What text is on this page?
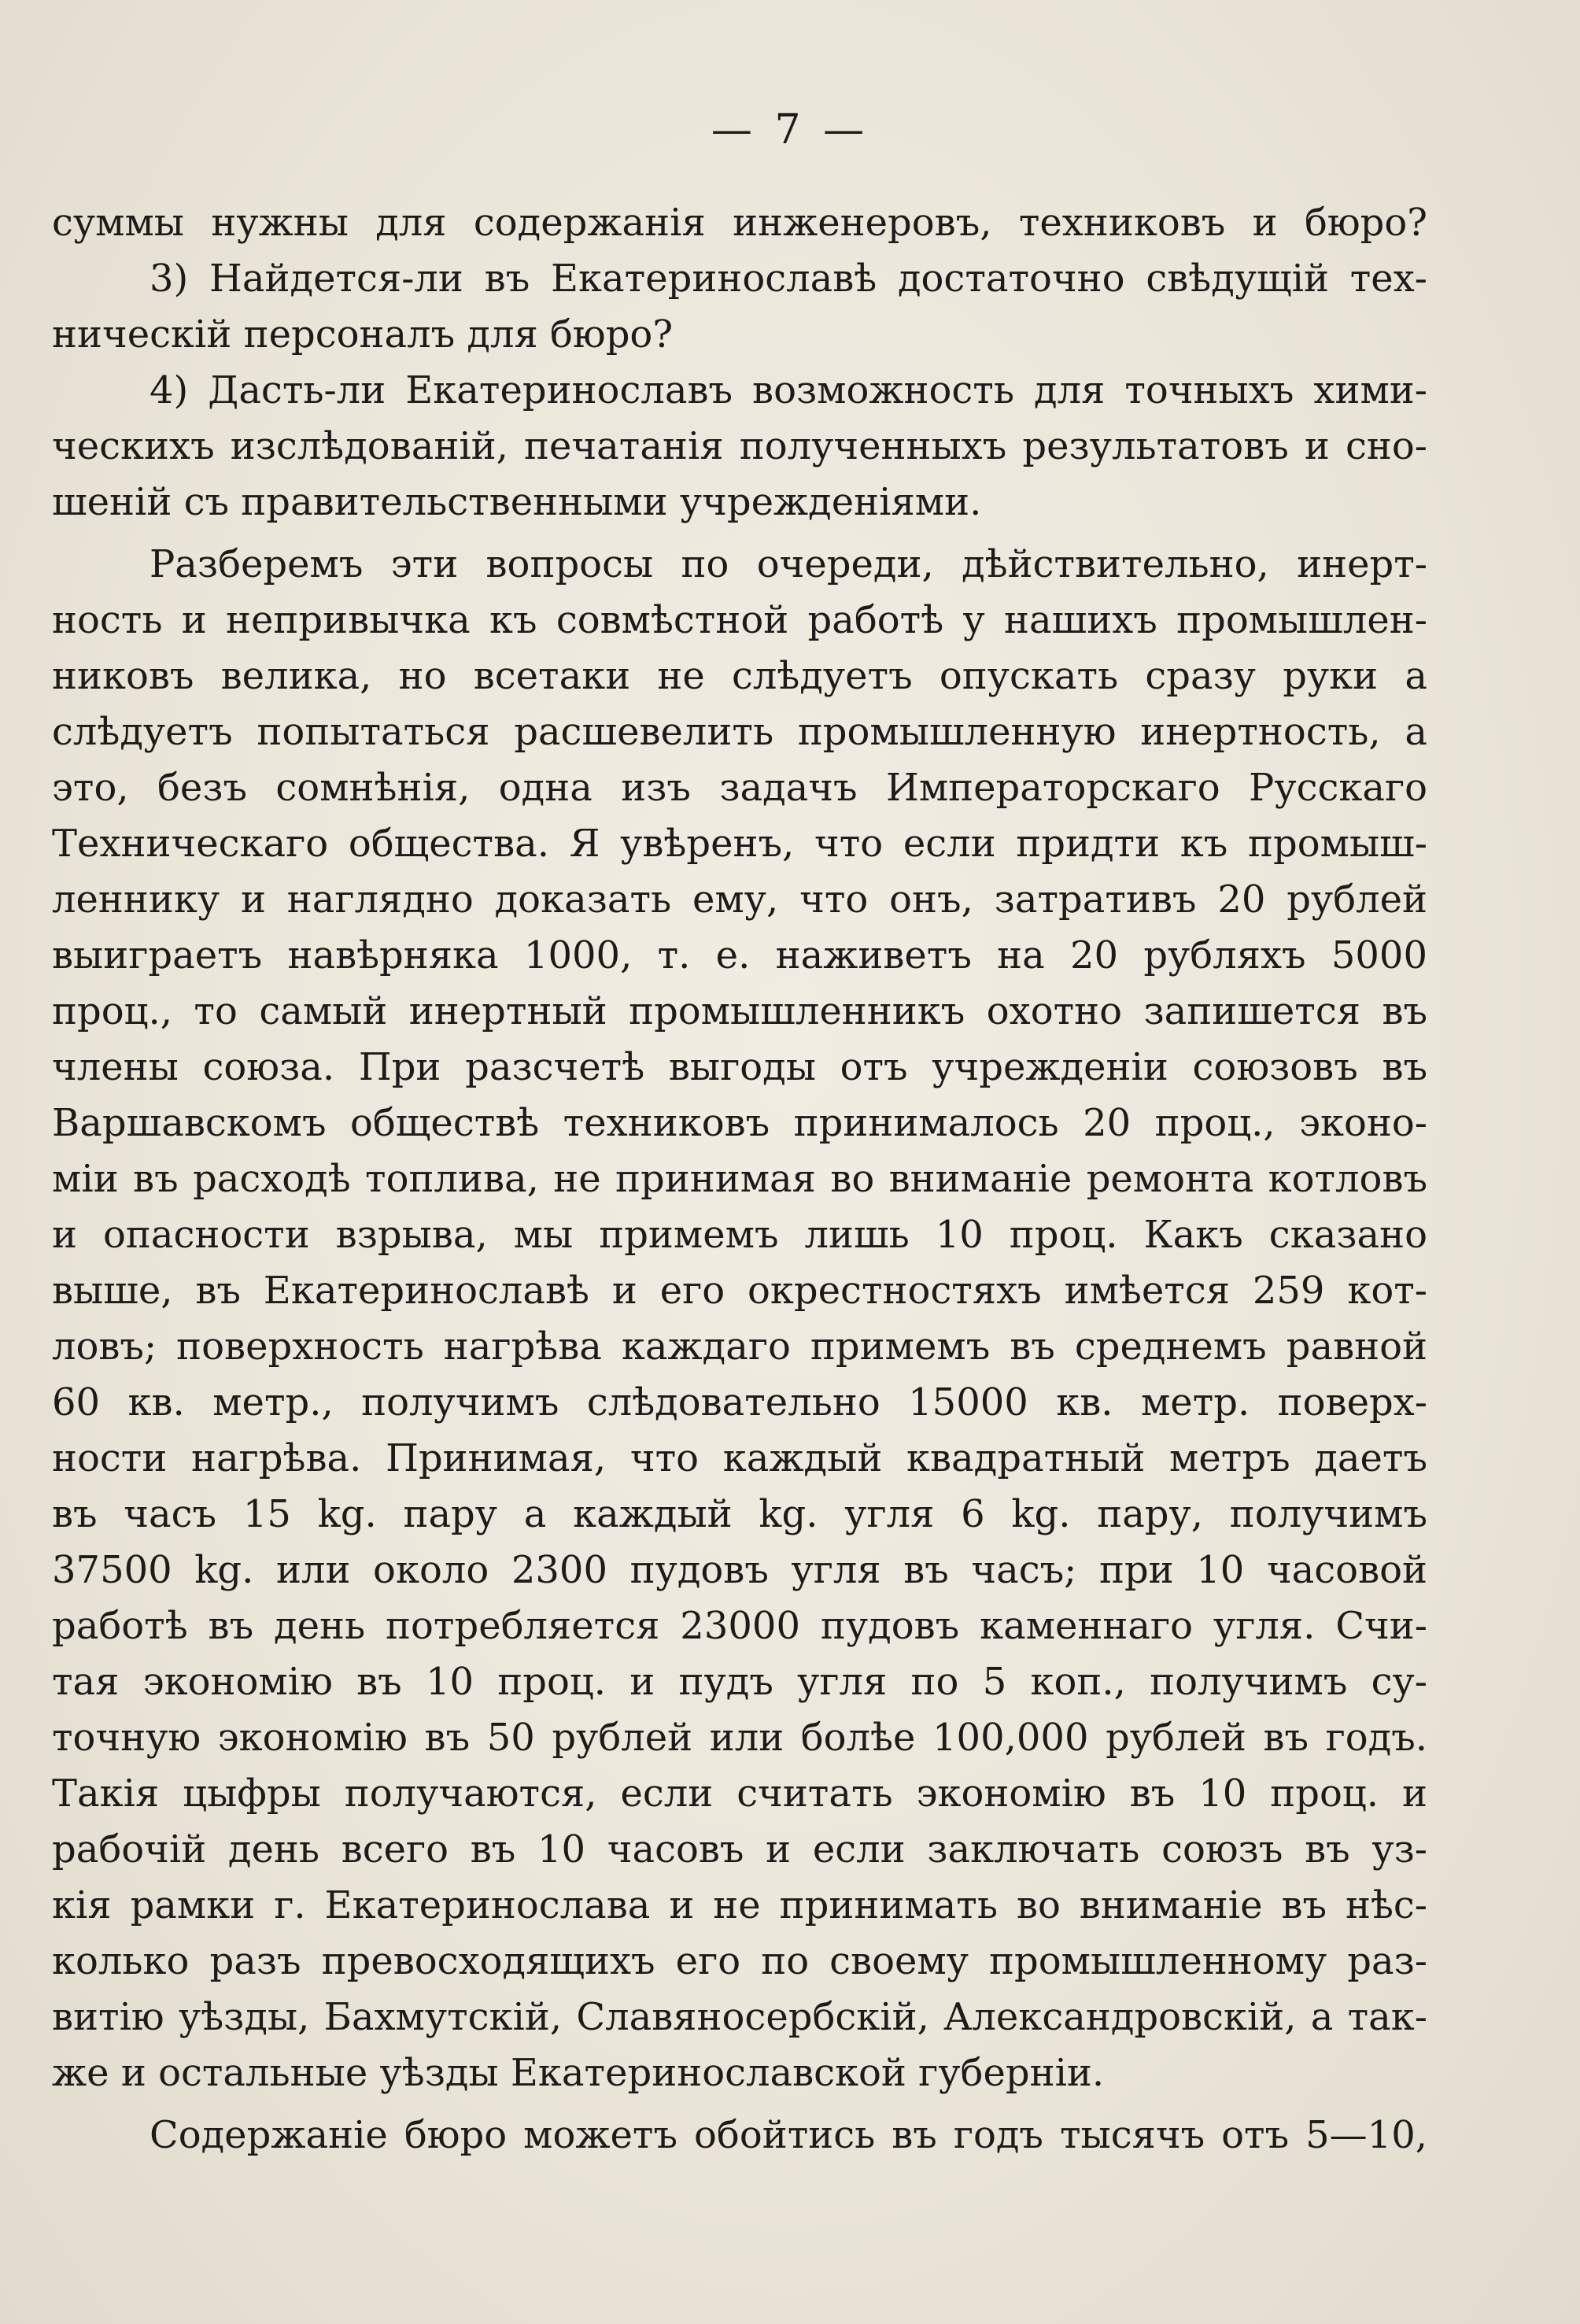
— 7 —
суммы нужны для содержанія инженеровъ, техниковъ и бюро?
3) Найдется-ли въ Екатеринославѣ достаточно свѣдущій тех-
ническій персоналъ для бюро?
4) Дасть-ли Екатеринославъ возможность для точныхъ хими-
ческихъ изслѣдованій, печатанія полученныхъ результатовъ и сно-
шеній съ правительственными учрежденіями.
Разберемъ эти вопросы по очереди, дѣйствительно, инерт-
ность и непривычка къ совмѣстной работѣ у нашихъ промышлен-
никовъ велика, но всетаки не слѣдуетъ опускать сразу руки а
слѣдуетъ попытаться расшевелить промышленную инертность, а
это, безъ сомнѣнія, одна изъ задачъ Императорскаго Русскаго
Техническаго общества. Я увѣренъ, что если придти къ промыш-
леннику и наглядно доказать ему, что онъ, затративъ 20 рублей
выиграетъ навѣрняка 1000, т. е. наживетъ на 20 рубляхъ 5000
проц., то самый инертный промышленникъ охотно запишется въ
члены союза. При разсчетѣ выгоды отъ учрежденіи союзовъ въ
Варшавскомъ обществѣ техниковъ принималось 20 проц., эконо-
міи въ расходѣ топлива, не принимая во вниманіе ремонта котловъ
и опасности взрыва, мы примемъ лишь 10 проц. Какъ сказано
выше, въ Екатеринославѣ и его окрестностяхъ имѣется 259 кот-
ловъ; поверхность нагрѣва каждаго примемъ въ среднемъ равной
60 кв. метр., получимъ слѣдовательно 15000 кв. метр. поверх-
ности нагрѣва. Принимая, что каждый квадратный метръ даетъ
въ часъ 15 kg. пару а каждый kg. угля 6 kg. пару, получимъ
37500 kg. или около 2300 пудовъ угля въ часъ; при 10 часовой
работѣ въ день потребляется 23000 пудовъ каменнаго угля. Счи-
тая экономію въ 10 проц. и пудъ угля по 5 коп., получимъ су-
точную экономію въ 50 рублей или болѣе 100,000 рублей въ годъ.
Такія цыфры получаются, если считать экономію въ 10 проц. и
рабочій день всего въ 10 часовъ и если заключать союзъ въ уз-
кія рамки г. Екатеринослава и не принимать во вниманіе въ нѣс-
колько разъ превосходящихъ его по своему промышленному раз-
витію уѣзды, Бахмутскій, Славяносербскій, Александровскій, а так-
же и остальные уѣзды Екатеринославской губерніи.
Содержаніе бюро можетъ обойтись въ годъ тысячъ отъ 5—10,
